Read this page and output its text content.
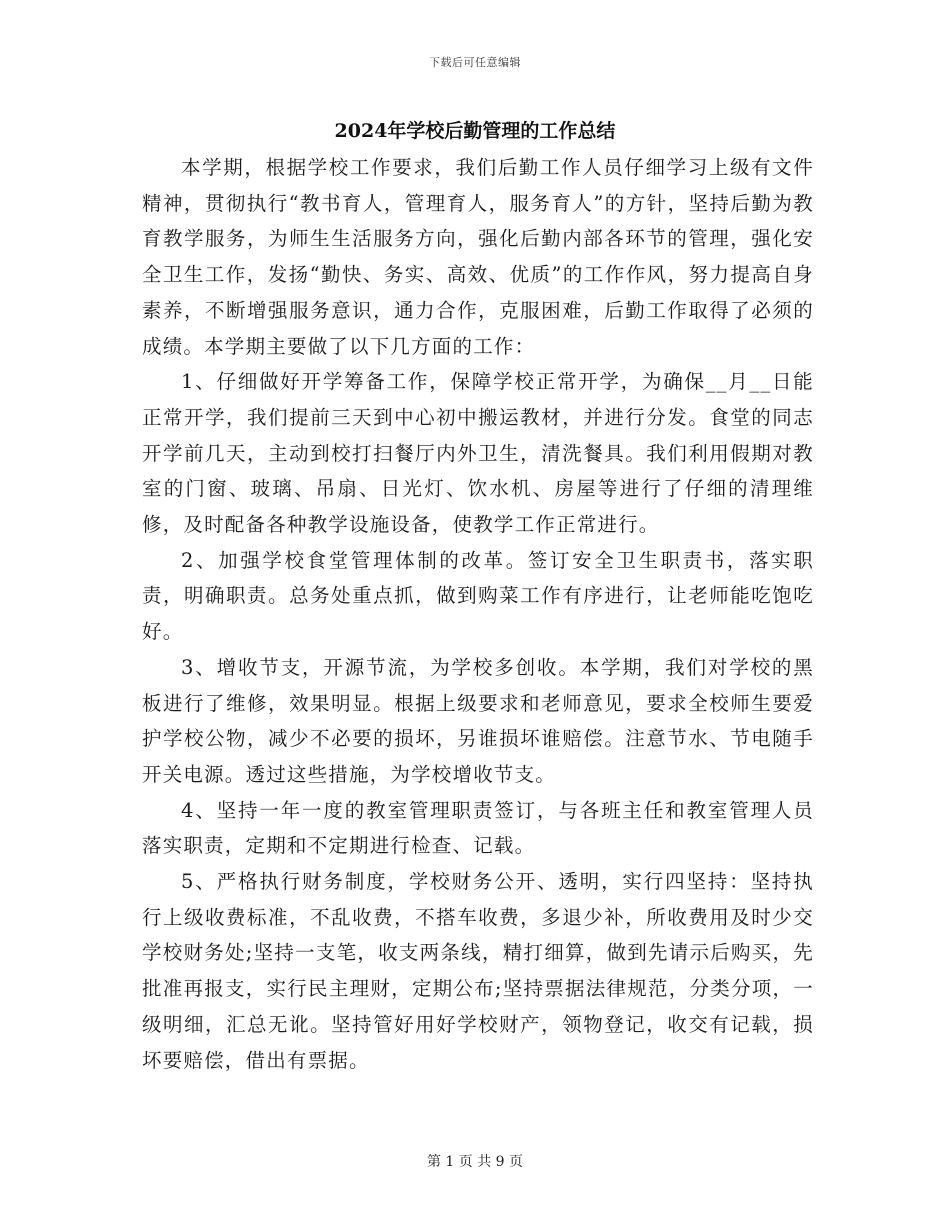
下载后可任意编辑
2024年学校后勤管理的工作总结

本学期，根据学校工作要求，我们后勤工作人员仔细学习上级有文件精神，贯彻执行“教书育人，管理育人，服务育人”的方针，坚持后勤为教育教学服务，为师生生活服务方向，强化后勤内部各环节的管理，强化安全卫生工作，发扬“勤快、务实、高效、优质”的工作作风，努力提高自身素养，不断增强服务意识，通力合作，克服困难，后勤工作取得了必须的成绩。本学期主要做了以下几方面的工作：

1、仔细做好开学筹备工作，保障学校正常开学，为确保__月__日能正常开学，我们提前三天到中心初中搬运教材，并进行分发。食堂的同志开学前几天，主动到校打扫餐厅内外卫生，清洗餐具。我们利用假期对教室的门窗、玻璃、吊扇、日光灯、饮水机、房屋等进行了仔细的清理维修，及时配备各种教学设施设备，使教学工作正常进行。

2、加强学校食堂管理体制的改革。签订安全卫生职责书，落实职责，明确职责。总务处重点抓，做到购菜工作有序进行，让老师能吃饱吃好。

3、增收节支，开源节流，为学校多创收。本学期，我们对学校的黑板进行了维修，效果明显。根据上级要求和老师意见，要求全校师生要爱护学校公物，减少不必要的损坏，另谁损坏谁赔偿。注意节水、节电随手开关电源。透过这些措施，为学校增收节支。

4、坚持一年一度的教室管理职责签订，与各班主任和教室管理人员落实职责，定期和不定期进行检查、记载。

5、严格执行财务制度，学校财务公开、透明，实行四坚持：坚持执行上级收费标准，不乱收费，不搭车收费，多退少补，所收费用及时少交学校财务处;坚持一支笔，收支两条线，精打细算，做到先请示后购买，先批准再报支，实行民主理财，定期公布;坚持票据法律规范，分类分项，一级明细，汇总无讹。坚持管好用好学校财产，领物登记，收交有记载，损坏要赔偿，借出有票据。

第 1 页 共 9 页
